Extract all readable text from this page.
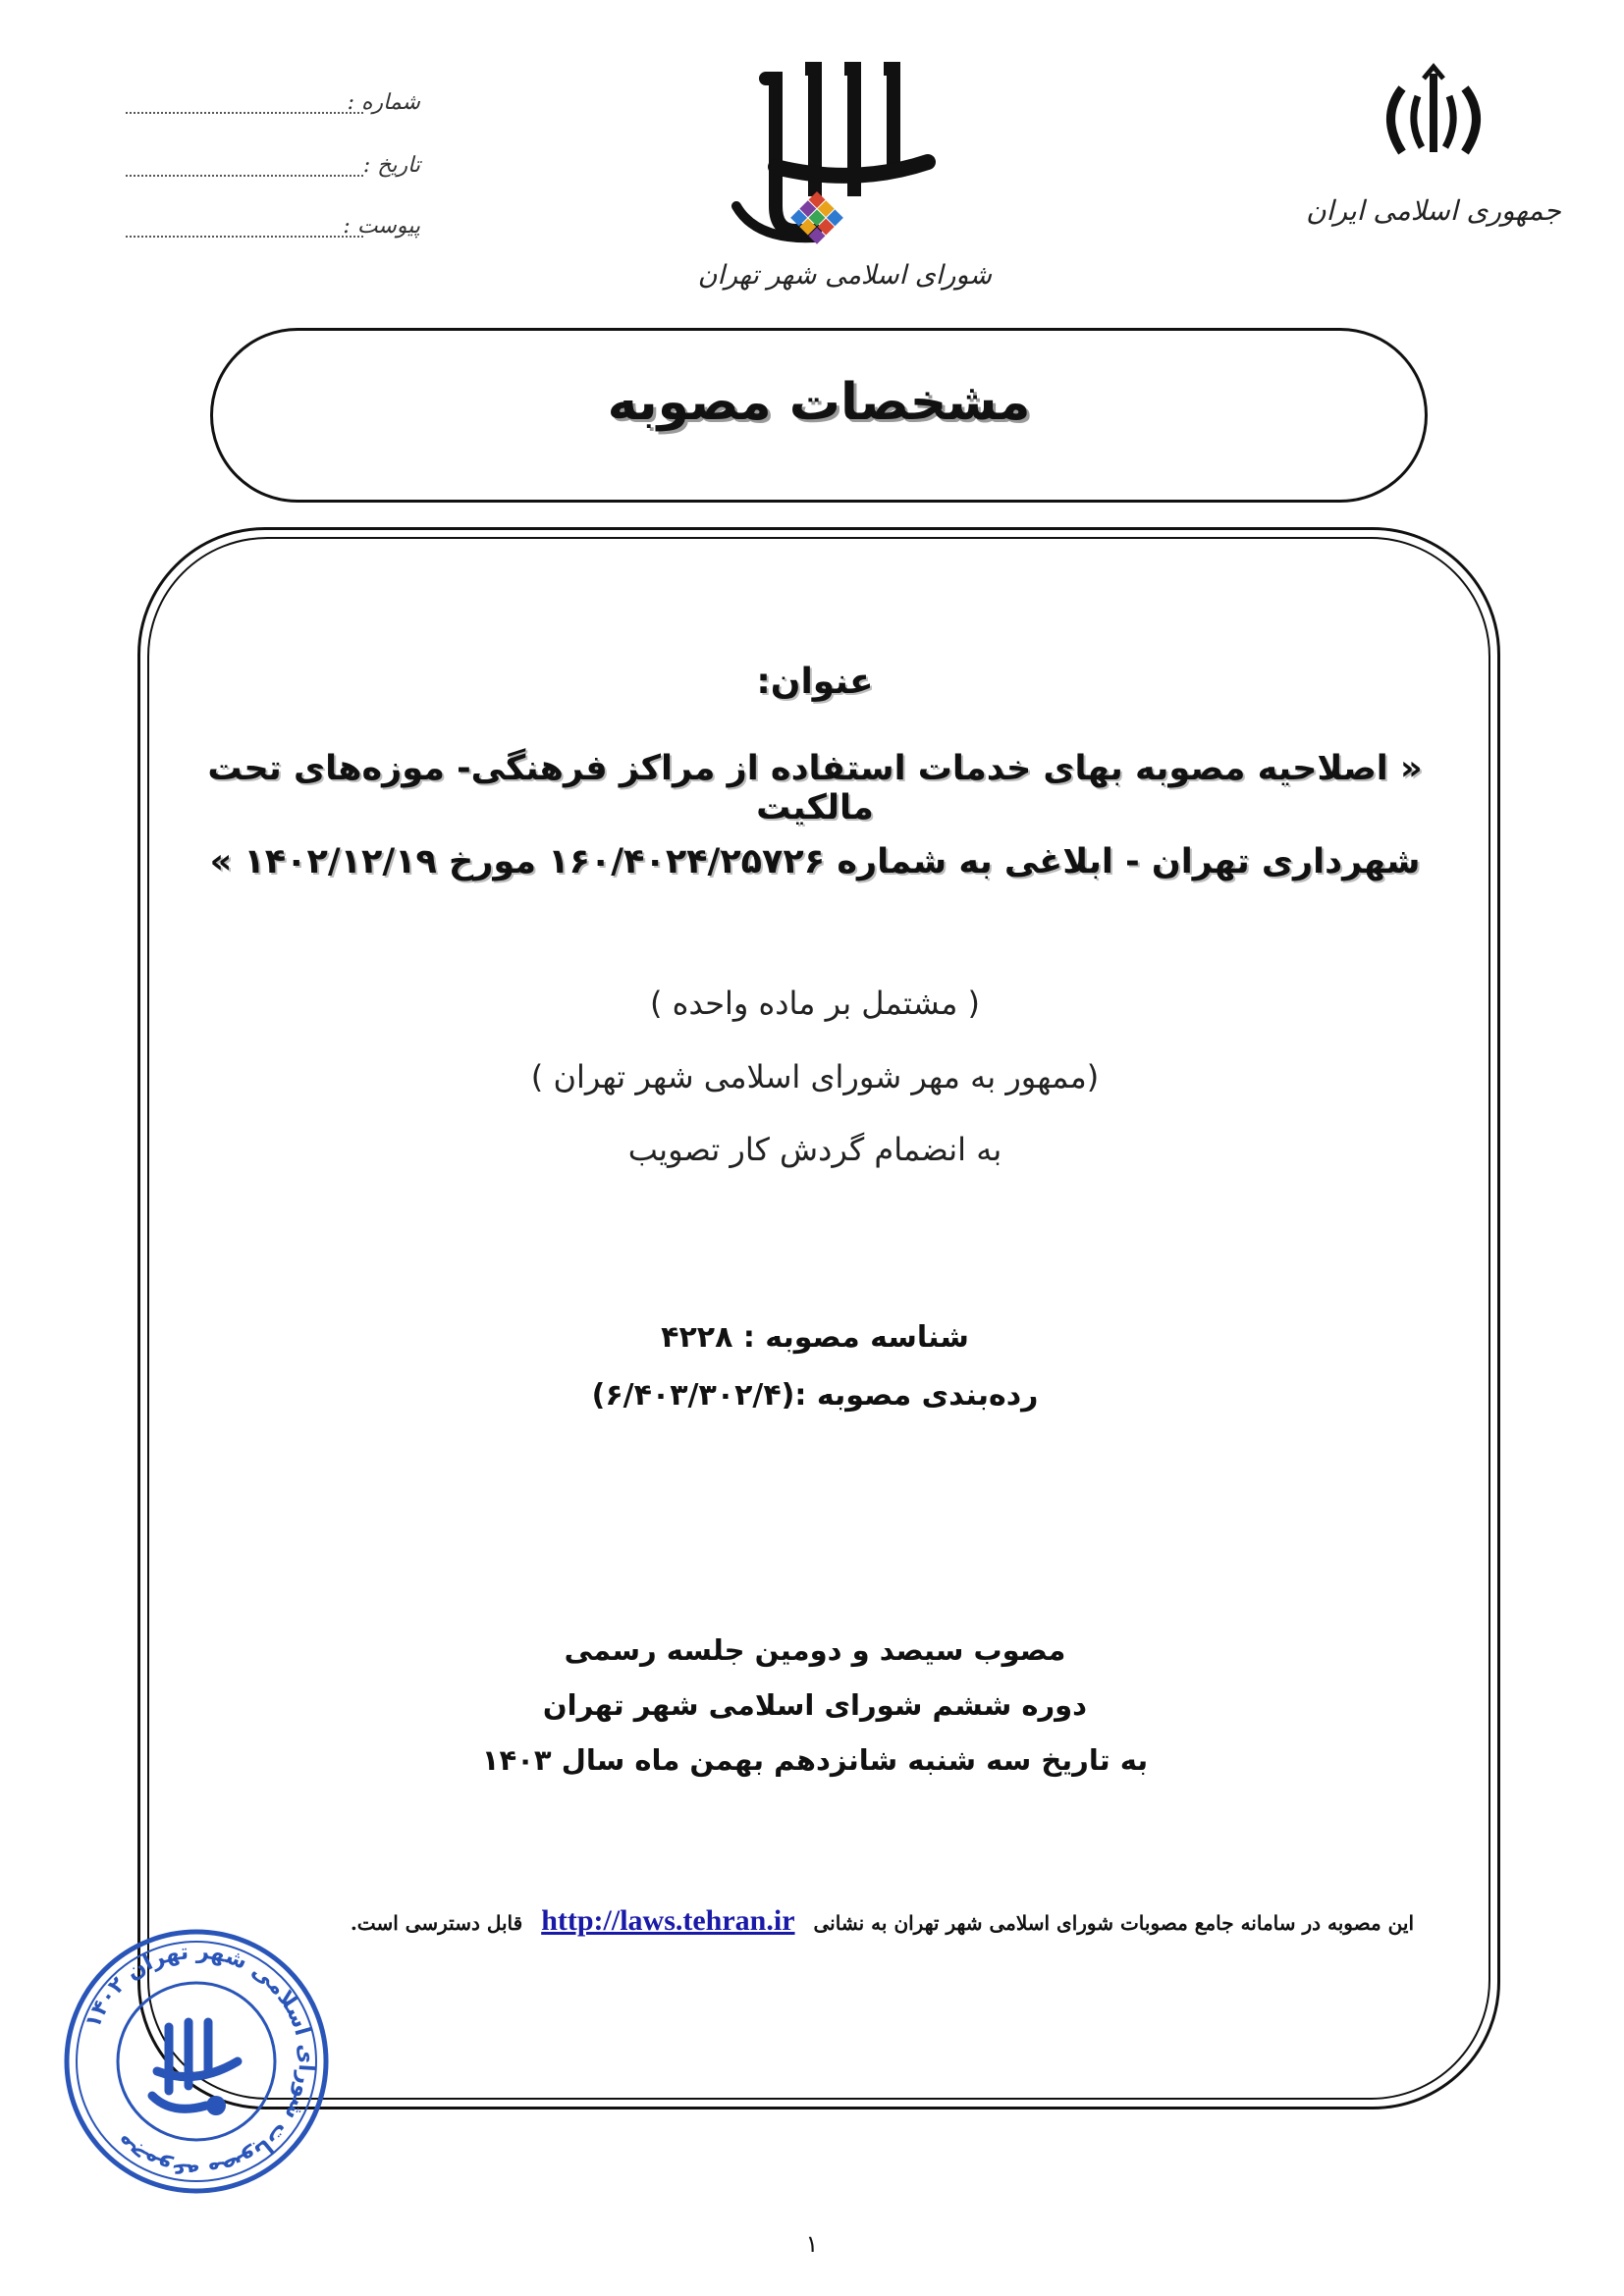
شماره :
تاریخ :
پیوست :
شورای اسلامی شهر تهران
جمهوری اسلامی ایران
مشخصات مصوبه
عنوان:
« اصلاحیه مصوبه بهای خدمات استفاده از مراکز فرهنگی- موزه‌های تحت مالکیت
شهرداری تهران - ابلاغی به شماره ۱۶۰/۴۰۲۴/۲۵۷۲۶ مورخ ۱۴۰۲/۱۲/۱۹ »
( مشتمل بر ماده واحده )
(ممهور به مهر شورای اسلامی شهر تهران )
به انضمام گردش کار تصویب
شناسه مصوبه : ۴۲۲۸
رده‌بندی مصوبه :(۶/۴۰۳/۳۰۲/۴)
مصوب سیصد و دومین جلسه رسمی
دوره ششم شورای اسلامی شهر تهران
به تاریخ سه شنبه شانزدهم بهمن ماه سال ۱۴۰۳
این مصوبه در سامانه جامع مصوبات شورای اسلامی شهر تهران به نشانی http://laws.tehran.ir قابل دسترسی است.
مجموعه مصوبات شورای اسلامی شهر تهران ۱۴۰۲
۱
